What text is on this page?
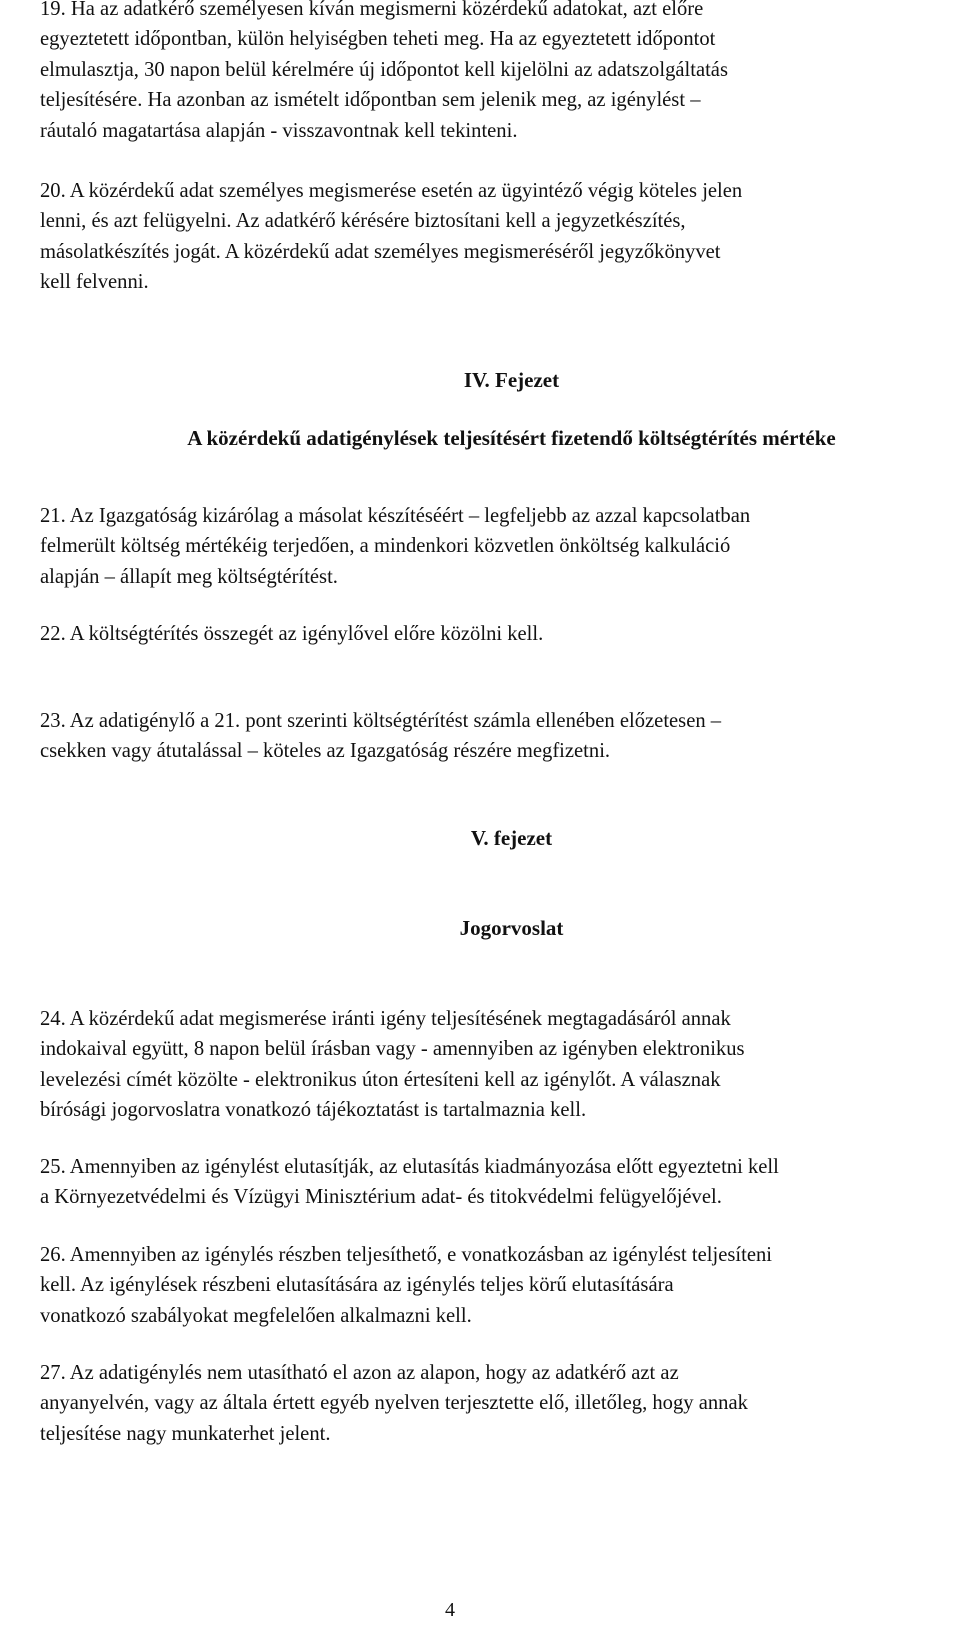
19. Ha az adatkérő személyesen kíván megismerni közérdekű adatokat, azt előre
egyeztetett időpontban, külön helyiségben teheti meg. Ha az egyeztetett időpontot
elmulasztja, 30 napon belül kérelmére új időpontot kell kijelölni az adatszolgáltatás
teljesítésére. Ha azonban az ismételt időpontban sem jelenik meg, az igénylést –
ráutaló magatartása alapján - visszavontnak kell tekinteni.

20. A közérdekű adat személyes megismerése esetén az ügyintéző végig köteles jelen
lenni, és azt felügyelni. Az adatkérő kérésére biztosítani kell a jegyzetkészítés,
másolatkészítés jogát. A közérdekű adat személyes megismeréséről jegyzőkönyvet
kell felvenni.

IV. Fejezet
A közérdekű adatigénylések teljesítésért fizetendő költségtérítés mértéke

21. Az Igazgatóság kizárólag a másolat készítéséért – legfeljebb az azzal kapcsolatban
felmerült költség mértékéig terjedően, a mindenkori közvetlen önköltség kalkuláció
alapján – állapít meg költségtérítést.

22. A költségtérítés összegét az igénylővel előre közölni kell.

23. Az adatigénylő a 21. pont szerinti költségtérítést számla ellenében előzetesen –
csekken vagy átutalással – köteles az Igazgatóság részére megfizetni.

V. fejezet
Jogorvoslat

24. A közérdekű adat megismerése iránti igény teljesítésének megtagadásáról annak
indokaival együtt, 8 napon belül írásban vagy - amennyiben az igényben elektronikus
levelezési címét közölte - elektronikus úton értesíteni kell az igénylőt. A válasznak
bírósági jogorvoslatra vonatkozó tájékoztatást is tartalmaznia kell.

25. Amennyiben az igénylést elutasítják, az elutasítás kiadmányozása előtt egyeztetni kell
a Környezetvédelmi és Vízügyi Minisztérium adat- és titokvédelmi felügyelőjével.

26. Amennyiben az igénylés részben teljesíthető, e vonatkozásban az igénylést teljesíteni
kell. Az igénylések részbeni elutasítására az igénylés teljes körű elutasítására
vonatkozó szabályokat megfelelően alkalmazni kell.

27. Az adatigénylés nem utasítható el azon az alapon, hogy az adatkérő azt az
anyanyelvén, vagy az általa értett egyéb nyelven terjesztette elő, illetőleg, hogy annak
teljesítése nagy munkaterhet jelent.

4
